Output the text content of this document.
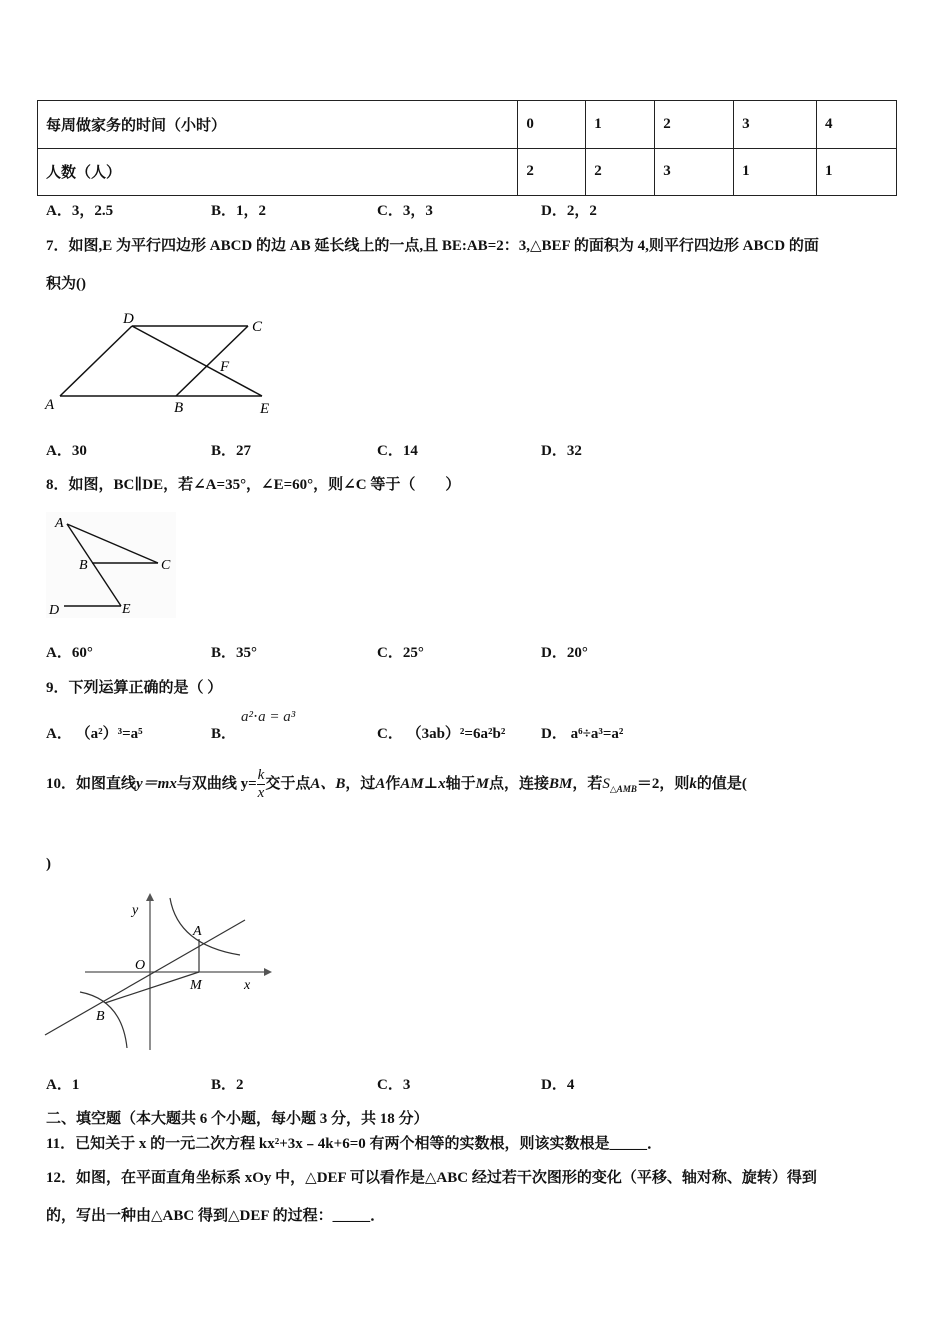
每周做家务的时间（小时）	0	1	2	3	4
人数（人）	2	2	3	1	1
A．3，2.5	B．1，2	C．3，3	D．2，2
7．如图,E 为平行四边形 ABCD 的边 AB 延长线上的一点,且 BE:AB=2：3,△BEF 的面积为 4,则平行四边形 ABCD 的面
积为()
D	C
F
A	B	E
A．30	B．27	C．14	D．32
8．如图，BC∥DE，若∠A=35°，∠E=60°，则∠C 等于（　　）
A
B	C
D	E
A．60°	B．35°	C．25°	D．20°
9．下列运算正确的是（ ）
A． （a²）³=a⁵	B．
a²⋅a = a³
C． （3ab）²=6a²b² D． a⁶÷a³=a²
10．如图直线y＝mx与双曲线 $y= \frac{k}{x}$ 交于点A、B，过A作AM⊥x轴于M点，连接BM，若$S_{\triangle AMB}=2$，则k的值是(
)
y
A
O
M	x
B
A．1	B．2	C．3	D．4
二、填空题（本大题共 6 个小题，每小题 3 分，共 18 分）
11．已知关于 x 的一元二次方程 kx²+3x﹣4k+6=0 有两个相等的实数根，则该实数根是_____．
12．如图，在平面直角坐标系 xOy 中，△DEF 可以看作是△ABC 经过若干次图形的变化（平移、轴对称、旋转）得到
的，写出一种由△ABC 得到△DEF 的过程：_____．
